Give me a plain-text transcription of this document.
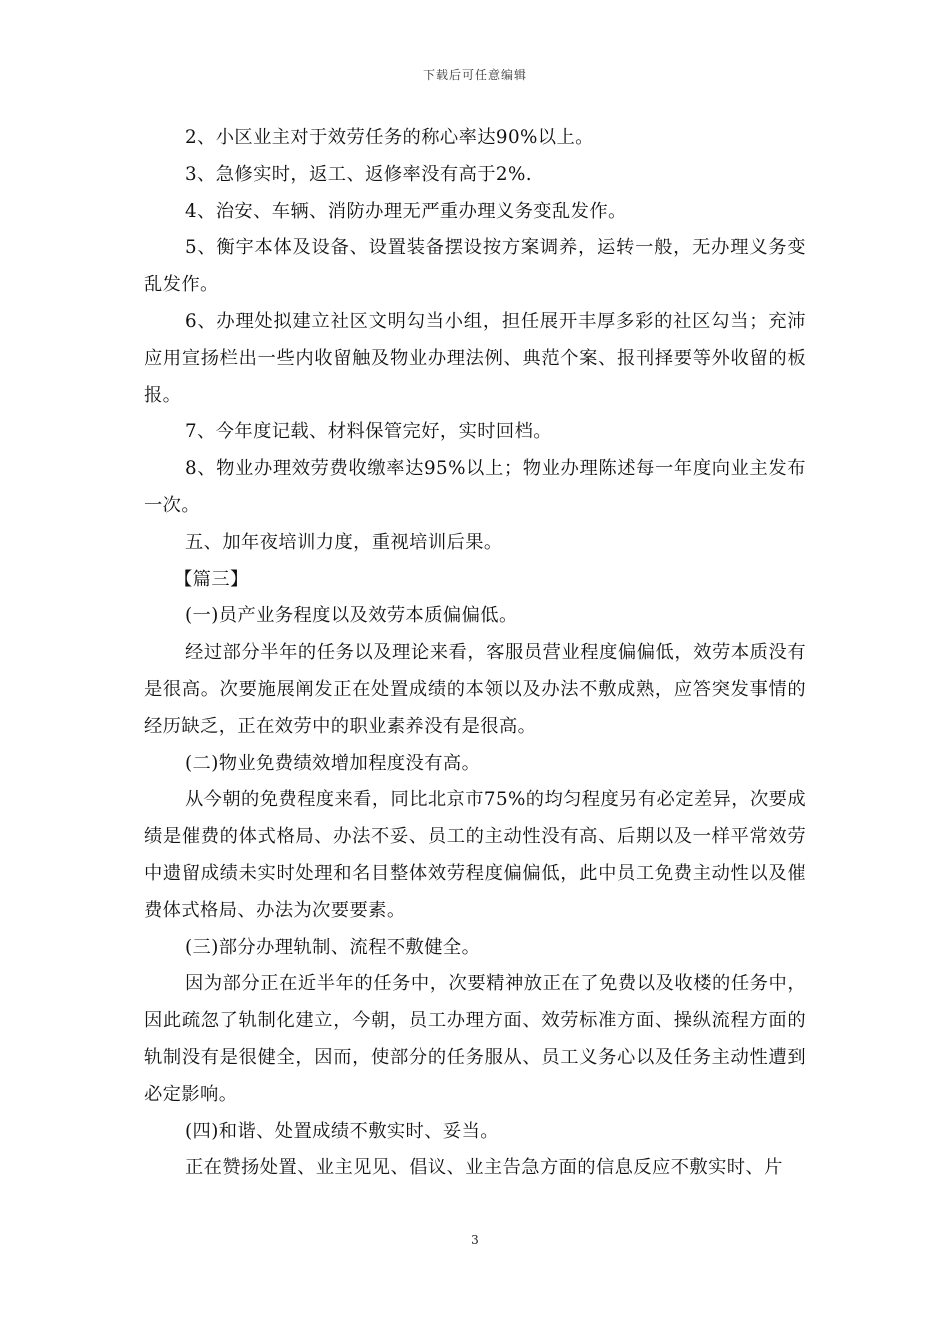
下载后可任意编辑

2、小区业主对于效劳任务的称心率达90%以上。

3、急修实时，返工、返修率没有高于2%.

4、治安、车辆、消防办理无严重办理义务变乱发作。

5、衡宇本体及设备、设置装备摆设按方案调养，运转一般，无办理义务变乱发作。

6、办理处拟建立社区文明勾当小组，担任展开丰厚多彩的社区勾当；充沛应用宣扬栏出一些内收留触及物业办理法例、典范个案、报刊择要等外收留的板报。

7、今年度记载、材料保管完好，实时回档。

8、物业办理效劳费收缴率达95%以上；物业办理陈述每一年度向业主发布一次。

五、加年夜培训力度，重视培训后果。

【篇三】

(一)员产业务程度以及效劳本质偏偏低。

经过部分半年的任务以及理论来看，客服员营业程度偏偏低，效劳本质没有是很高。次要施展阐发正在处置成绩的本领以及办法不敷成熟，应答突发事情的经历缺乏，正在效劳中的职业素养没有是很高。

(二)物业免费绩效增加程度没有高。

从今朝的免费程度来看，同比北京市75%的均匀程度另有必定差异，次要成绩是催费的体式格局、办法不妥、员工的主动性没有高、后期以及一样平常效劳中遗留成绩未实时处理和名目整体效劳程度偏偏低，此中员工免费主动性以及催费体式格局、办法为次要要素。

(三)部分办理轨制、流程不敷健全。

因为部分正在近半年的任务中，次要精神放正在了免费以及收楼的任务中，因此疏忽了轨制化建立，今朝，员工办理方面、效劳标准方面、操纵流程方面的轨制没有是很健全，因而，使部分的任务服从、员工义务心以及任务主动性遭到必定影响。

(四)和谐、处置成绩不敷实时、妥当。

正在赞扬处置、业主见见、倡议、业主告急方面的信息反应不敷实时、片

3
